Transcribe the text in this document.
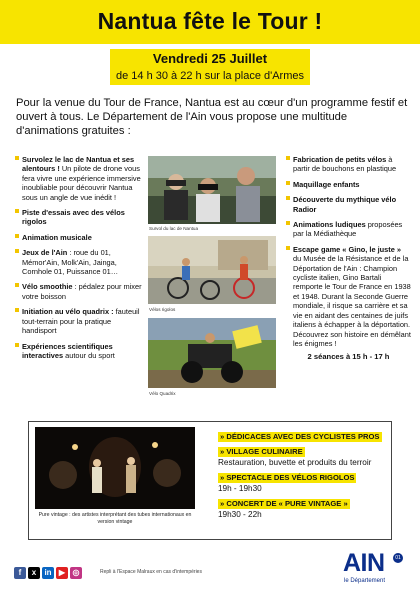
Nantua fête le Tour !
Vendredi 25 Juillet
de 14 h 30 à 22 h sur la place d'Armes

Pour la venue du Tour de France, Nantua est au cœur d'un programme festif et ouvert à tous. Le Département de l'Ain vous propose une multitude d'animations gratuites :

Survolez le lac de Nantua et ses alentours ! Un pilote de drone vous fera vivre une expérience immersive inoubliable pour découvrir Nantua sous un angle de vue inédit !
Piste d'essais avec des vélos rigolos
Animation musicale
Jeux de l'Ain : roue du 01, Mémor'Ain, Molk'Ain, Jainga, Cornhole 01, Puissance 01…
Vélo smoothie : pédalez pour mixer votre boisson
Initiation au vélo quadrix : fauteuil tout-terrain pour la pratique handisport
Expériences scientifiques interactives autour du sport
Survol du lac de Nantua
Vélos rigolos
Vélo Quadrix
Fabrication de petits vélos à partir de bouchons en plastique
Maquillage enfants
Découverte du mythique vélo Radior
Animations ludiques proposées par la Médiathèque
Escape game « Gino, le juste » du Musée de la Résistance et de la Déportation de l'Ain : Champion cycliste italien, Gino Bartali remporte le Tour de France en 1938 et 1948. Durant la Seconde Guerre mondiale, il risque sa carrière et sa vie en aidant des centaines de juifs italiens à échapper à la déportation. Découvrez son histoire en démêlant les énigmes !
2 séances à 15 h - 17 h
Pure vintage : des artistes interprétant des tubes internationaux en version vintage
» DÉDICACES AVEC DES CYCLISTES PROS
» VILLAGE CULINAIRE
Restauration, buvette et produits du terroir
» SPECTACLE DES VÉLOS RIGOLOS
19h - 19h30
» CONCERT DE « PURE VINTAGE »
19h30 - 22h
f	x	in ▶ ◎	Repli à l'Espace Malraux en cas d'intempéries	AIN	01
le Département
